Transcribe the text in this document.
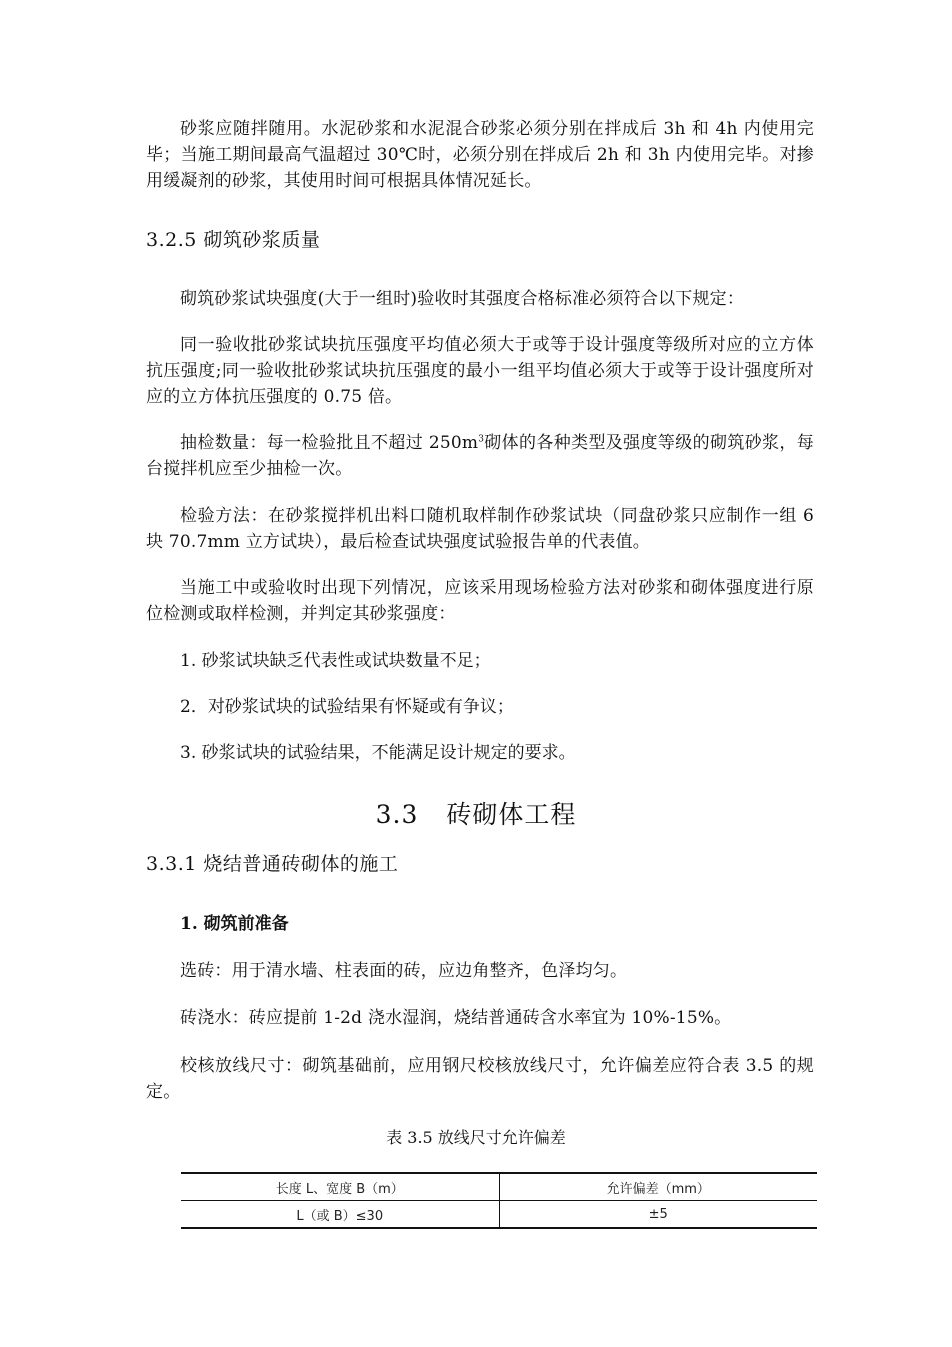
砂浆应随拌随用。水泥砂浆和水泥混合砂浆必须分别在拌成后 3h 和 4h 内使用完毕；当施工期间最高气温超过 30℃时，必须分别在拌成后 2h 和 3h 内使用完毕。对掺用缓凝剂的砂浆，其使用时间可根据具体情况延长。

3.2.5 砌筑砂浆质量

砌筑砂浆试块强度(大于一组时)验收时其强度合格标准必须符合以下规定：

同一验收批砂浆试块抗压强度平均值必须大于或等于设计强度等级所对应的立方体抗压强度;同一验收批砂浆试块抗压强度的最小一组平均值必须大于或等于设计强度所对应的立方体抗压强度的 0.75 倍。

抽检数量：每一检验批且不超过 $250m^3$砌体的各种类型及强度等级的砌筑砂浆，每台搅拌机应至少抽检一次。

检验方法：在砂浆搅拌机出料口随机取样制作砂浆试块（同盘砂浆只应制作一组 6 块 70.7mm 立方试块），最后检查试块强度试验报告单的代表值。

当施工中或验收时出现下列情况，应该采用现场检验方法对砂浆和砌体强度进行原位检测或取样检测，并判定其砂浆强度：

1. 砂浆试块缺乏代表性或试块数量不足；

2．对砂浆试块的试验结果有怀疑或有争议；

3. 砂浆试块的试验结果，不能满足设计规定的要求。

3.3 砖砌体工程
3.3.1 烧结普通砖砌体的施工

1. 砌筑前准备

选砖：用于清水墙、柱表面的砖，应边角整齐，色泽均匀。

砖浇水：砖应提前 1-2d 浇水湿润，烧结普通砖含水率宜为 10%-15%。

校核放线尺寸：砌筑基础前，应用钢尺校核放线尺寸，允许偏差应符合表 3.5 的规定。

表 3.5 放线尺寸允许偏差

长度 L、宽度 B（m）	允许偏差（mm）
L（或 B）≤30	±5
